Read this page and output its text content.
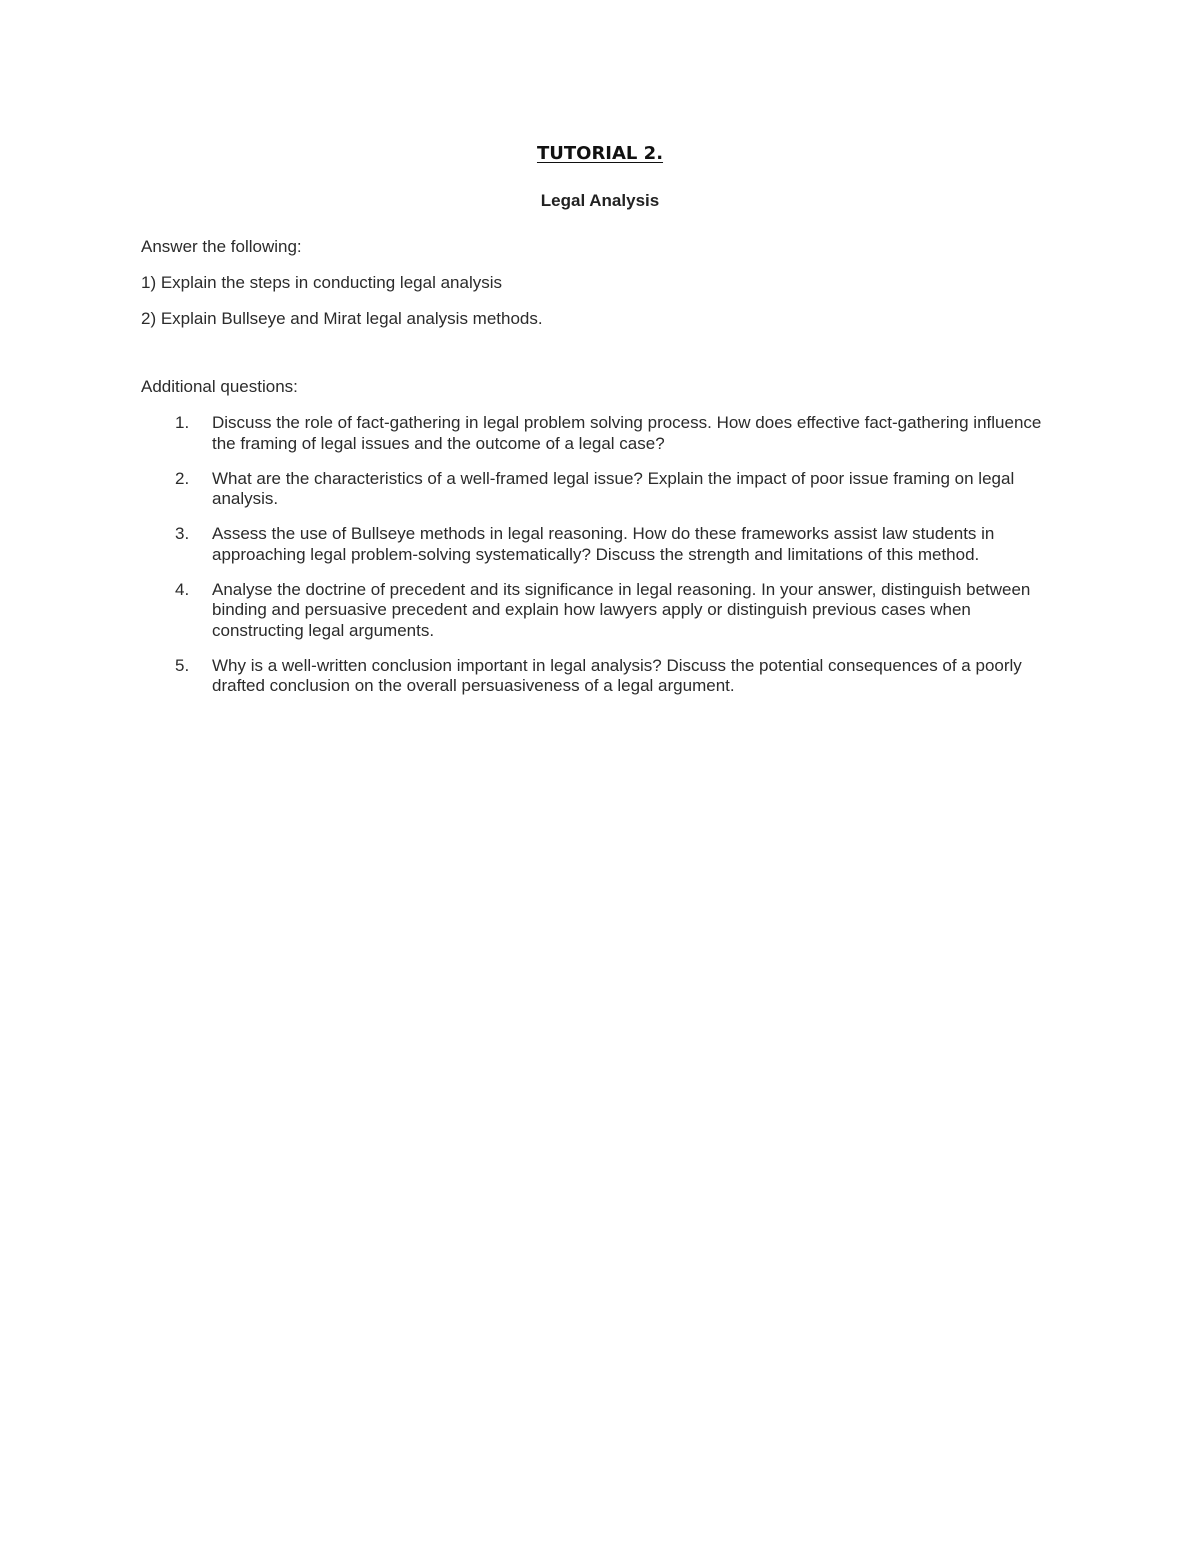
TUTORIAL 2.
Legal Analysis
Answer the following:
1) Explain the steps in conducting legal analysis
2) Explain Bullseye and Mirat legal analysis methods.
Additional questions:
1. Discuss the role of fact-gathering in legal problem solving process. How does effective fact-gathering influence the framing of legal issues and the outcome of a legal case?
2. What are the characteristics of a well-framed legal issue? Explain the impact of poor issue framing on legal analysis.
3. Assess the use of Bullseye methods in legal reasoning. How do these frameworks assist law students in approaching legal problem-solving systematically? Discuss the strength and limitations of this method.
4. Analyse the doctrine of precedent and its significance in legal reasoning. In your answer, distinguish between binding and persuasive precedent and explain how lawyers apply or distinguish previous cases when constructing legal arguments.
5. Why is a well-written conclusion important in legal analysis? Discuss the potential consequences of a poorly drafted conclusion on the overall persuasiveness of a legal argument.
